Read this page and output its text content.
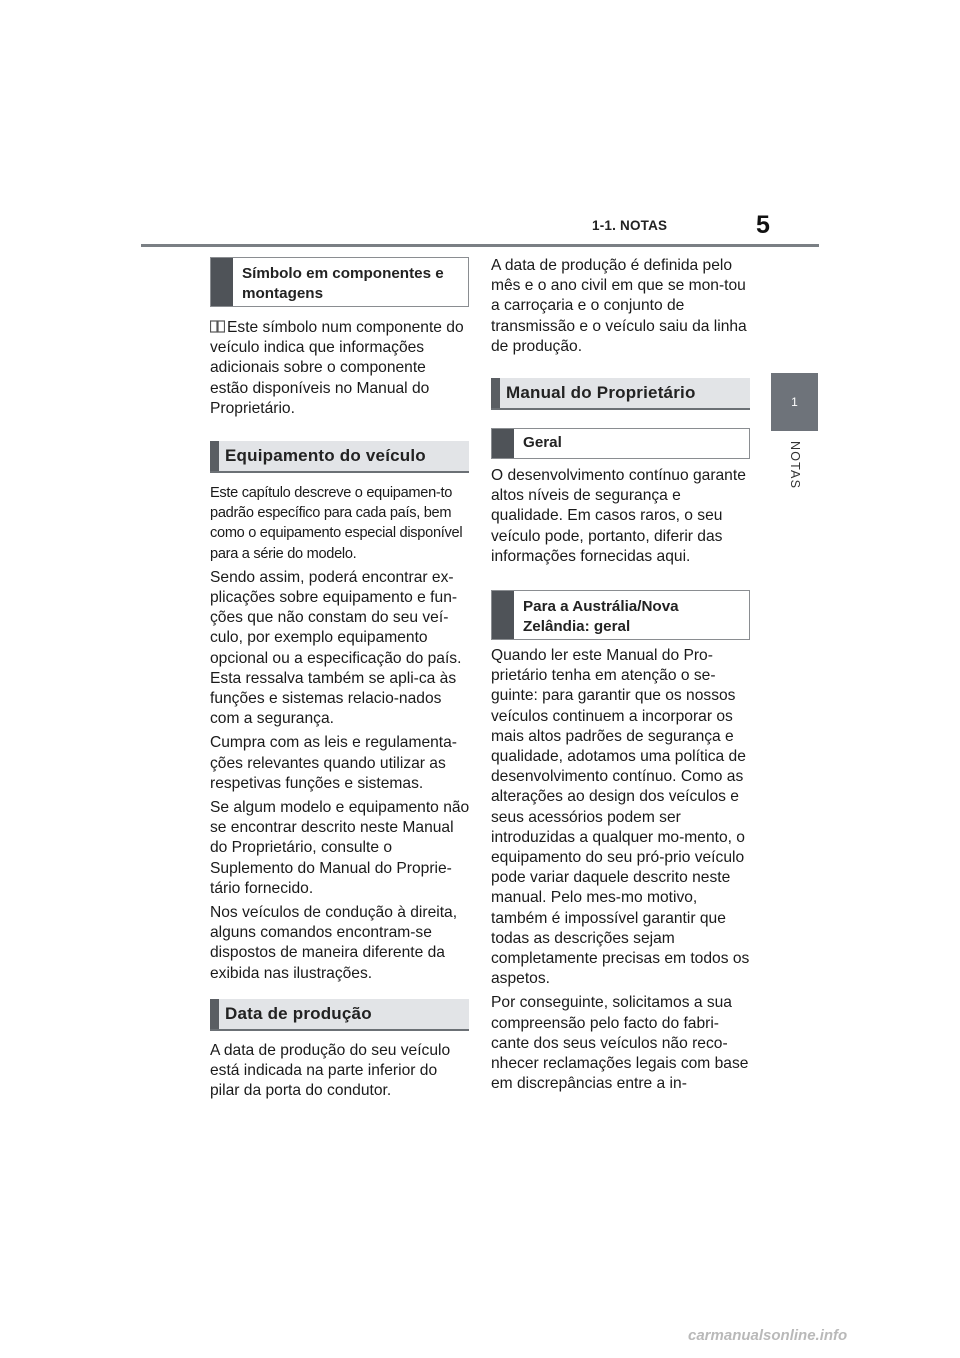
1-1. NOTAS	5
1
NOTAS
Símbolo em componentes e montagens

Este símbolo num componente do veículo indica que informações adicionais sobre o componente estão disponíveis no Manual do Proprietário.

Equipamento do veículo

Este capítulo descreve o equipamen-to padrão específico para cada país, bem como o equipamento especial disponível para a série do modelo.

Sendo assim, poderá encontrar ex-plicações sobre equipamento e fun-ções que não constam do seu veí-culo, por exemplo equipamento opcional ou a especificação do país. Esta ressalva também se apli-ca às funções e sistemas relacio-nados com a segurança.

Cumpra com as leis e regulamenta-ções relevantes quando utilizar as respetivas funções e sistemas.

Se algum modelo e equipamento não se encontrar descrito neste Manual do Proprietário, consulte o Suplemento do Manual do Proprie-tário fornecido.

Nos veículos de condução à direita, alguns comandos encontram-se dispostos de maneira diferente da exibida nas ilustrações.

Data de produção

A data de produção do seu veículo está indicada na parte inferior do pilar da porta do condutor.

A data de produção é definida pelo mês e o ano civil em que se mon-tou a carroçaria e o conjunto de transmissão e o veículo saiu da linha de produção.

Manual do Proprietário
Geral

O desenvolvimento contínuo garante altos níveis de segurança e qualidade. Em casos raros, o seu veículo pode, portanto, diferir das informações fornecidas aqui.

Para a Austrália/Nova Zelândia: geral

Quando ler este Manual do Pro-prietário tenha em atenção o se-guinte: para garantir que os nossos veículos continuem a incorporar os mais altos padrões de segurança e qualidade, adotamos uma política de desenvolvimento contínuo. Como as alterações ao design dos veículos e seus acessórios podem ser introduzidas a qualquer mo-mento, o equipamento do seu pró-prio veículo pode variar daquele descrito neste manual. Pelo mes-mo motivo, também é impossível garantir que todas as descrições sejam completamente precisas em todos os aspetos.

Por conseguinte, solicitamos a sua compreensão pelo facto do fabri-cante dos seus veículos não reco-nhecer reclamações legais com base em discrepâncias entre a in-

carmanualsonline.info
